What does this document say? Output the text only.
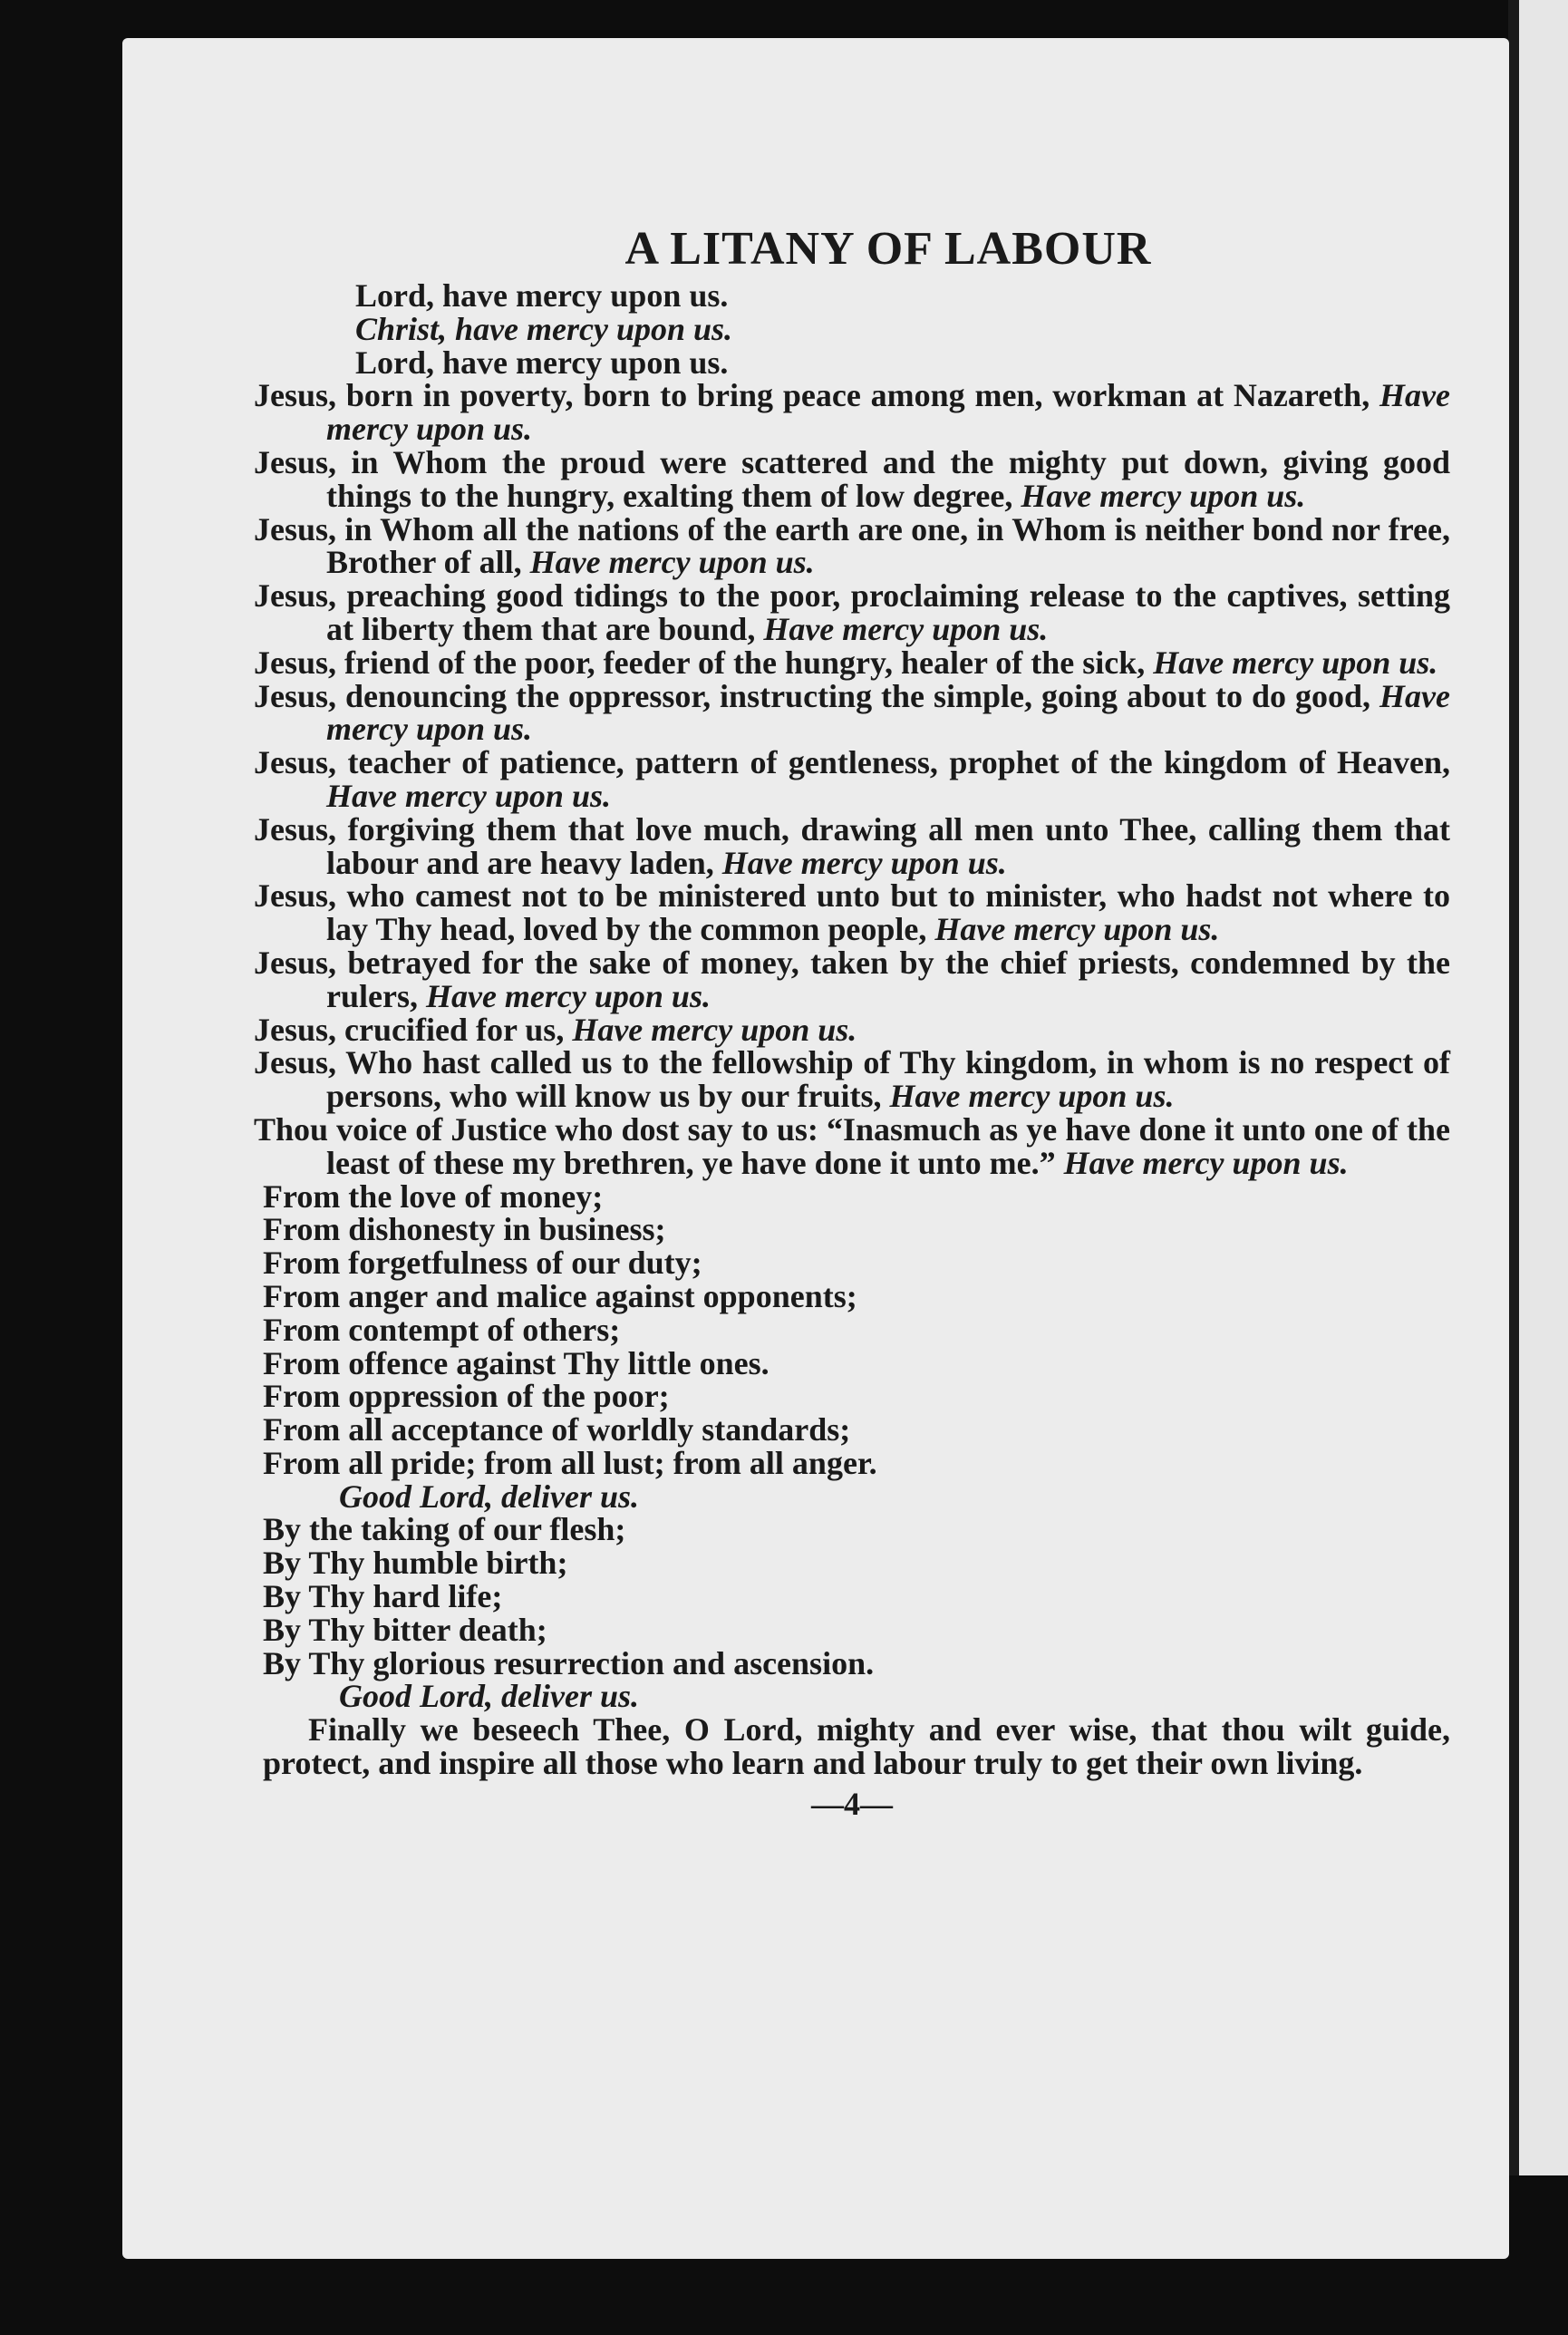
A LITANY OF LABOUR
Lord, have mercy upon us.
Christ, have mercy upon us.
Lord, have mercy upon us.
Jesus, born in poverty, born to bring peace among men, workman at Nazareth, Have mercy upon us.
Jesus, in Whom the proud were scattered and the mighty put down, giving good things to the hungry, exalting them of low degree, Have mercy upon us.
Jesus, in Whom all the nations of the earth are one, in Whom is neither bond nor free, Brother of all, Have mercy upon us.
Jesus, preaching good tidings to the poor, proclaiming release to the captives, setting at liberty them that are bound, Have mercy upon us.
Jesus, friend of the poor, feeder of the hungry, healer of the sick, Have mercy upon us.
Jesus, denouncing the oppressor, instructing the simple, going about to do good, Have mercy upon us.
Jesus, teacher of patience, pattern of gentleness, prophet of the kingdom of Heaven, Have mercy upon us.
Jesus, forgiving them that love much, drawing all men unto Thee, calling them that labour and are heavy laden, Have mercy upon us.
Jesus, who camest not to be ministered unto but to minister, who hadst not where to lay Thy head, loved by the common people, Have mercy upon us.
Jesus, betrayed for the sake of money, taken by the chief priests, condemned by the rulers, Have mercy upon us.
Jesus, crucified for us, Have mercy upon us.
Jesus, Who hast called us to the fellowship of Thy kingdom, in whom is no respect of persons, who will know us by our fruits, Have mercy upon us.
Thou voice of Justice who dost say to us: “Inasmuch as ye have done it unto one of the least of these my brethren, ye have done it unto me.” Have mercy upon us.
From the love of money;
From dishonesty in business;
From forgetfulness of our duty;
From anger and malice against opponents;
From contempt of others;
From offence against Thy little ones.
From oppression of the poor;
From all acceptance of worldly standards;
From all pride; from all lust; from all anger.
Good Lord, deliver us.
By the taking of our flesh;
By Thy humble birth;
By Thy hard life;
By Thy bitter death;
By Thy glorious resurrection and ascension.
Good Lord, deliver us.
Finally we beseech Thee, O Lord, mighty and ever wise, that thou wilt guide, protect, and inspire all those who learn and labour truly to get their own living.
—4—
